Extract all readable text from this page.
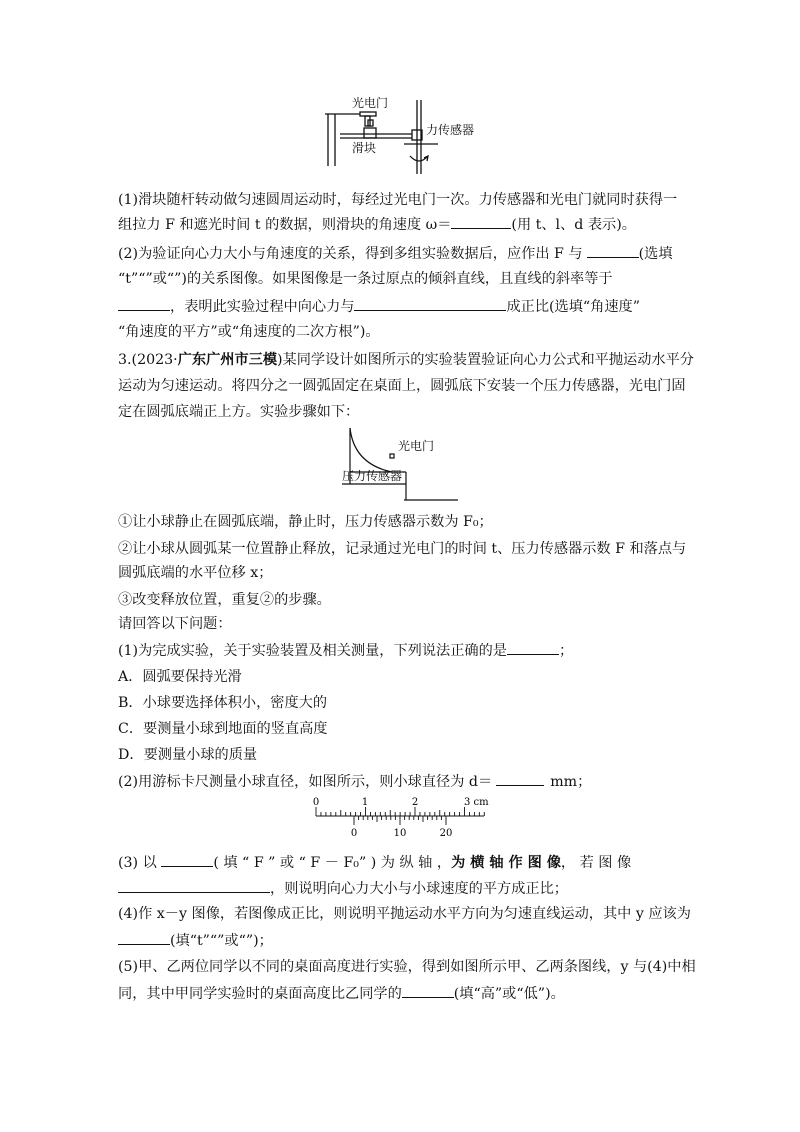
光电门
力传感器
滑块
(1)滑块随杆转动做匀速圆周运动时，每经过光电门一次。力传感器和光电门就同时获得一
组拉力 F 和遮光时间 t 的数据，则滑块的角速度 ω＝	(用 t、l、d 表示)。
(2)为验证向心力大小与角速度的关系，得到多组实验数据后，应作出 F 与	(选填
“t”“”或“”)的关系图像。如果图像是一条过原点的倾斜直线，且直线的斜率等于
，表明此实验过程中向心力与	成正比(选填“角速度”
“角速度的平方”或“角速度的二次方根”)。
3.(2023·广东广州市三模)某同学设计如图所示的实验装置验证向心力公式和平抛运动水平分
运动为匀速运动。将四分之一圆弧固定在桌面上，圆弧底下安装一个压力传感器，光电门固
定在圆弧底端正上方。实验步骤如下：
光电门
压力传感器
①让小球静止在圆弧底端，静止时，压力传感器示数为 F₀；
②让小球从圆弧某一位置静止释放，记录通过光电门的时间 t、压力传感器示数 F 和落点与
圆弧底端的水平位移 x；
③改变释放位置，重复②的步骤。
请回答以下问题：
(1)为完成实验，关于实验装置及相关测量，下列说法正确的是	；
A．圆弧要保持光滑
B．小球要选择体积小，密度大的
C．要测量小球到地面的竖直高度
D．要测量小球的质量
(2)用游标卡尺测量小球直径，如图所示，则小球直径为 d＝	mm；
0	1	2	3 cm
0	10	20
(3) 以	( 填 “ F ” 或 “ F － F₀” ) 为 纵 轴 ，为 横 轴 作 图 像， 若 图 像
，则说明向心力大小与小球速度的平方成正比；
(4)作 x－y 图像，若图像成正比，则说明平抛运动水平方向为匀速直线运动，其中 y 应该为
(填“t”“”或“”)；
(5)甲、乙两位同学以不同的桌面高度进行实验，得到如图所示甲、乙两条图线，y 与(4)中相
同，其中甲同学实验时的桌面高度比乙同学的	(填“高”或“低”)。
